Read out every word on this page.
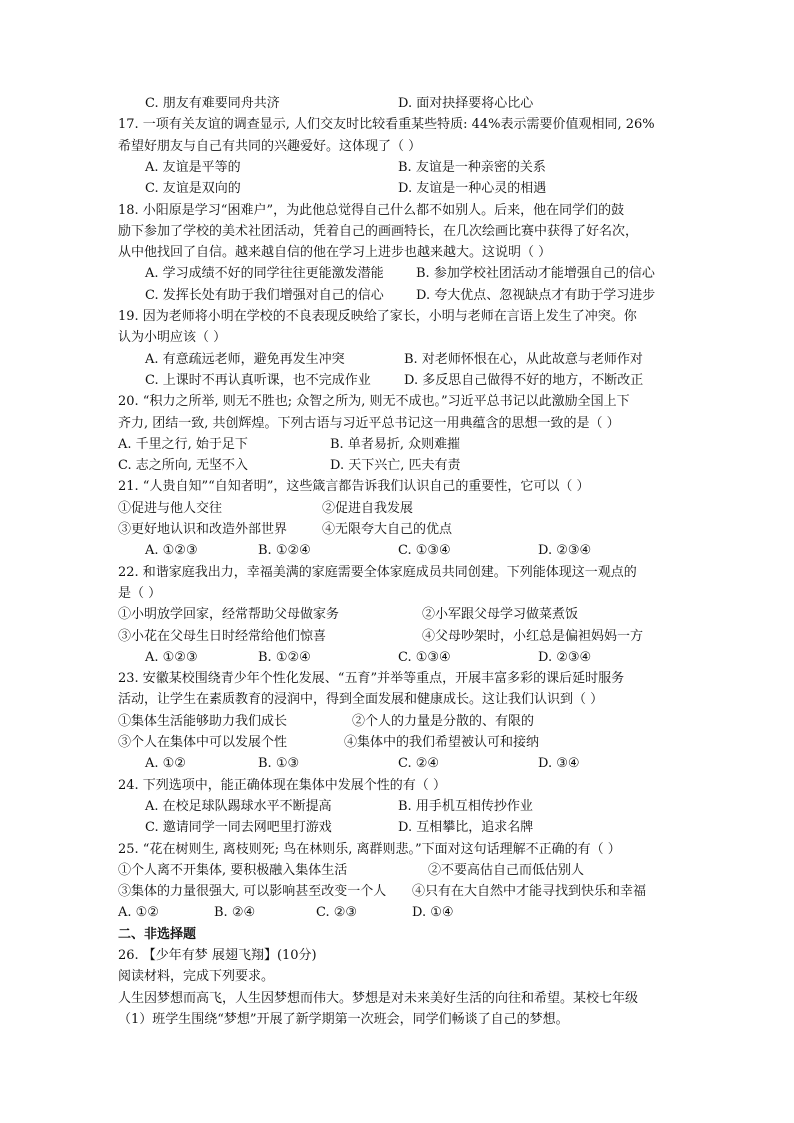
C. 朋友有难要同舟共济	D. 面对抉择要将心比心
17. 一项有关友谊的调查显示, 人们交友时比较看重某些特质: 44%表示需要价值观相同, 26%
希望好朋友与自己有共同的兴趣爱好。这体现了（ ）
A. 友谊是平等的	B. 友谊是一种亲密的关系
C. 友谊是双向的	D. 友谊是一种心灵的相遇
18. 小阳原是学习“困难户”，为此他总觉得自己什么都不如别人。后来，他在同学们的鼓
励下参加了学校的美术社团活动，凭着自己的画画特长，在几次绘画比赛中获得了好名次，
从中他找回了自信。越来越自信的他在学习上进步也越来越大。这说明（ ）
A. 学习成绩不好的同学往往更能激发潜能 B. 参加学校社团活动才能增强自己的信心
C. 发挥长处有助于我们增强对自己的信心 D. 夸大优点、忽视缺点才有助于学习进步
19. 因为老师将小明在学校的不良表现反映给了家长，小明与老师在言语上发生了冲突。你
认为小明应该（ ）
A. 有意疏远老师，避免再发生冲突	B. 对老师怀恨在心，从此故意与老师作对
C. 上课时不再认真听课，也不完成作业	D. 多反思自己做得不好的地方，不断改正
20. “积力之所举, 则无不胜也; 众智之所为, 则无不成也。”习近平总书记以此激励全国上下
齐力, 团结一致, 共创辉煌。下列古语与习近平总书记这一用典蕴含的思想一致的是（ ）
A. 千里之行, 始于足下	B. 单者易折, 众则难摧
C. 志之所向, 无坚不入	D. 天下兴亡, 匹夫有责
21. “人贵自知”“自知者明”，这些箴言都告诉我们认识自己的重要性，它可以（ ）
①促进与他人交往	②促进自我发展
③更好地认识和改造外部世界	④无限夸大自己的优点
A. ①②③	B. ①②④	C. ①③④	D. ②③④
22. 和谐家庭我出力，幸福美满的家庭需要全体家庭成员共同创建。下列能体现这一观点的
是（ ）
①小明放学回家，经常帮助父母做家务	②小军跟父母学习做菜煮饭
③小花在父母生日时经常给他们惊喜	④父母吵架时，小红总是偏袒妈妈一方
A. ①②③	B. ①②④	C. ①③④	D. ②③④
23. 安徽某校围绕青少年个性化发展、“五育”并举等重点，开展丰富多彩的课后延时服务
活动，让学生在素质教育的浸润中，得到全面发展和健康成长。这让我们认识到（ ）
①集体生活能够助力我们成长	②个人的力量是分散的、有限的
③个人在集体中可以发展个性	④集体中的我们希望被认可和接纳
A. ①②	B. ①③	C. ②④	D. ③④
24. 下列选项中，能正确体现在集体中发展个性的有（ ）
A. 在校足球队踢球水平不断提高	B. 用手机互相传抄作业
C. 邀请同学一同去网吧里打游戏	D. 互相攀比，追求名牌
25. “花在树则生, 离枝则死; 鸟在林则乐, 离群则悲。”下面对这句话理解不正确的有（ ）
①个人离不开集体, 要积极融入集体生活	②不要高估自己而低估别人
③集体的力量很强大, 可以影响甚至改变一个人 ④只有在大自然中才能寻找到快乐和幸福
A. ①②	B. ②④	C. ②③	D. ①④
二、非选择题
26. 【少年有梦 展翅飞翔】(10分)
阅读材料，完成下列要求。
人生因梦想而高飞，人生因梦想而伟大。梦想是对未来美好生活的向往和希望。某校七年级
（1）班学生围绕“梦想”开展了新学期第一次班会，同学们畅谈了自己的梦想。
